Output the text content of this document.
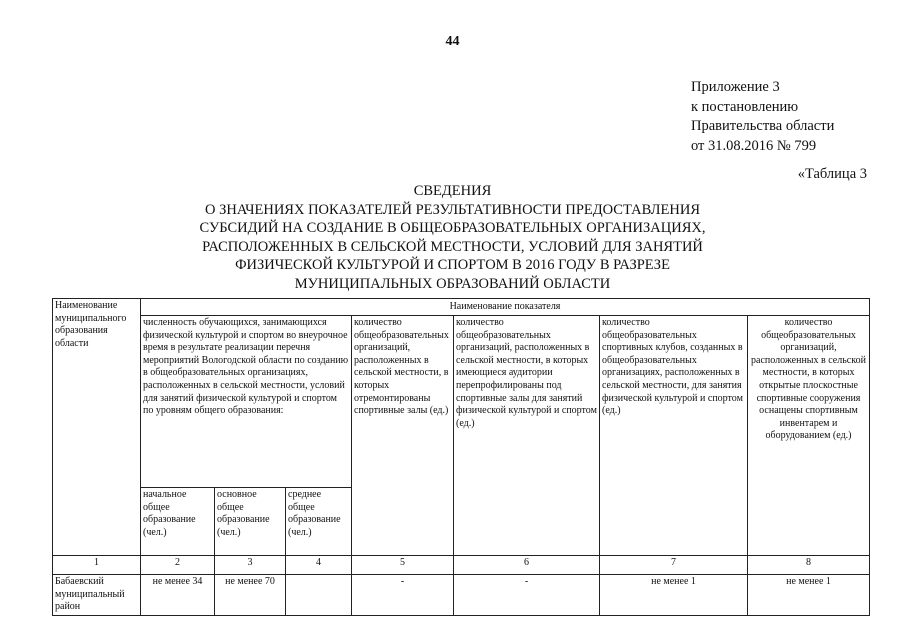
44
Приложение 3
к постановлению
Правительства области
от 31.08.2016 № 799
«Таблица 3
СВЕДЕНИЯ
О ЗНАЧЕНИЯХ ПОКАЗАТЕЛЕЙ РЕЗУЛЬТАТИВНОСТИ ПРЕДОСТАВЛЕНИЯ
СУБСИДИЙ НА СОЗДАНИЕ В ОБЩЕОБРАЗОВАТЕЛЬНЫХ ОРГАНИЗАЦИЯХ,
РАСПОЛОЖЕННЫХ В СЕЛЬСКОЙ МЕСТНОСТИ, УСЛОВИЙ ДЛЯ ЗАНЯТИЙ
ФИЗИЧЕСКОЙ КУЛЬТУРОЙ И СПОРТОМ В 2016 ГОДУ В РАЗРЕЗЕ
МУНИЦИПАЛЬНЫХ ОБРАЗОВАНИЙ ОБЛАСТИ
Наименование муниципального образования области	Наименование показателя						
	численность обучающихся, занимающихся физической культурой и спортом во внеурочное время в результате реализации перечня мероприятий Вологодской области по созданию в общеобразовательных организациях, расположенных в сельской местности, условий для занятий физической культурой и спортом по уровням общего образования:			количество общеобразовательных организаций, расположенных в сельской местности, в которых отремонтированы спортивные залы (ед.)	количество общеобразовательных организаций, расположенных в сельской местности, в которых имеющиеся аудитории перепрофилированы под спортивные залы для занятий физической культурой и спортом (ед.)	количество общеобразовательных спортивных клубов, созданных в общеобразовательных организациях, расположенных в сельской местности, для занятия физической культурой и спортом (ед.)	количество общеобразовательных организаций, расположенных в сельской местности, в которых открытые плоскостные спортивные сооружения оснащены спортивным инвентарем и оборудованием (ед.)
	начальное общее образование (чел.)	основное общее образование (чел.)	среднее общее образование (чел.)				
1	2	3	4	5	6	7	8
Бабаевский муниципальный район	не менее 34	не менее 70		-	-	не менее 1	не менее 1
